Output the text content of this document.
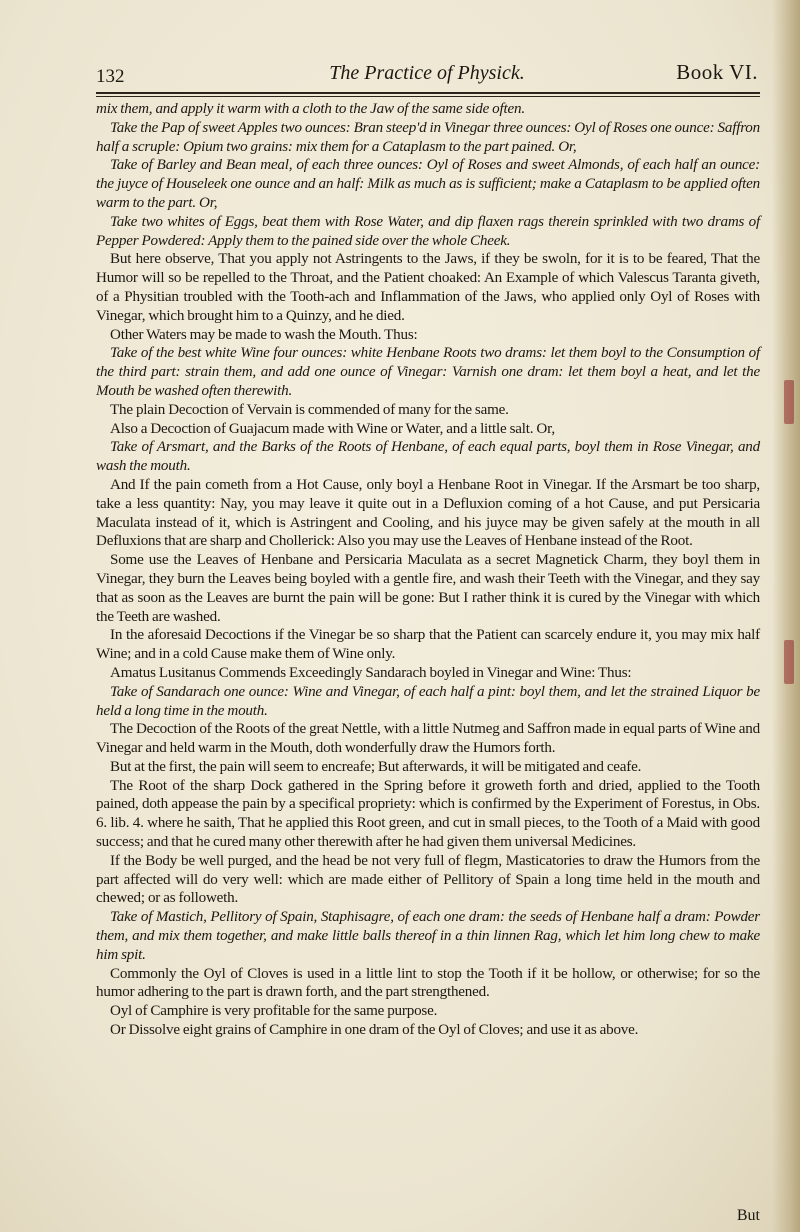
132	The Practice of Physick.	Book VI.

mix them, and apply it warm with a cloth to the Jaw of the same side often.

Take the Pap of sweet Apples two ounces: Bran steep'd in Vinegar three ounces: Oyl of Roses one ounce: Saffron half a scruple: Opium two grains: mix them for a Cataplasm to the part pained. Or,

Take of Barley and Bean meal, of each three ounces: Oyl of Roses and sweet Almonds, of each half an ounce: the juyce of Houseleek one ounce and an half: Milk as much as is sufficient; make a Cataplasm to be applied often warm to the part. Or,

Take two whites of Eggs, beat them with Rose Water, and dip flaxen rags therein sprinkled with two drams of Pepper Powdered: Apply them to the pained side over the whole Cheek.

But here observe, That you apply not Astringents to the Jaws, if they be swoln, for it is to be feared, That the Humor will so be repelled to the Throat, and the Patient choaked: An Example of which Valescus Taranta giveth, of a Physitian troubled with the Tooth-ach and Inflammation of the Jaws, who applied only Oyl of Roses with Vinegar, which brought him to a Quinzy, and he died.

Other Waters may be made to wash the Mouth. Thus:

Take of the best white Wine four ounces: white Henbane Roots two drams: let them boyl to the Consumption of the third part: strain them, and add one ounce of Vinegar: Varnish one dram: let them boyl a heat, and let the Mouth be washed often therewith.

The plain Decoction of Vervain is commended of many for the same.

Also a Decoction of Guajacum made with Wine or Water, and a little salt. Or,

Take of Arsmart, and the Barks of the Roots of Henbane, of each equal parts, boyl them in Rose Vinegar, and wash the mouth.

And If the pain cometh from a Hot Cause, only boyl a Henbane Root in Vinegar. If the Arsmart be too sharp, take a less quantity: Nay, you may leave it quite out in a Defluxion coming of a hot Cause, and put Persicaria Maculata instead of it, which is Astringent and Cooling, and his juyce may be given safely at the mouth in all Defluxions that are sharp and Chollerick: Also you may use the Leaves of Henbane instead of the Root.

Some use the Leaves of Henbane and Persicaria Maculata as a secret Magnetick Charm, they boyl them in Vinegar, they burn the Leaves being boyled with a gentle fire, and wash their Teeth with the Vinegar, and they say that as soon as the Leaves are burnt the pain will be gone: But I rather think it is cured by the Vinegar with which the Teeth are washed.

In the aforesaid Decoctions if the Vinegar be so sharp that the Patient can scarcely endure it, you may mix half Wine; and in a cold Cause make them of Wine only.

Amatus Lusitanus Commends Exceedingly Sandarach boyled in Vinegar and Wine: Thus:

Take of Sandarach one ounce: Wine and Vinegar, of each half a pint: boyl them, and let the strained Liquor be held a long time in the mouth.

The Decoction of the Roots of the great Nettle, with a little Nutmeg and Saffron made in equal parts of Wine and Vinegar and held warm in the Mouth, doth wonderfully draw the Humors forth.

But at the first, the pain will seem to encreafe; But afterwards, it will be mitigated and ceafe.

The Root of the sharp Dock gathered in the Spring before it groweth forth and dried, applied to the Tooth pained, doth appease the pain by a specifical propriety: which is confirmed by the Experiment of Forestus, in Obs. 6. lib. 4. where he saith, That he applied this Root green, and cut in small pieces, to the Tooth of a Maid with good success; and that he cured many other therewith after he had given them universal Medicines.

If the Body be well purged, and the head be not very full of flegm, Masticatories to draw the Humors from the part affected will do very well: which are made either of Pellitory of Spain a long time held in the mouth and chewed; or as followeth.

Take of Mastich, Pellitory of Spain, Staphisagre, of each one dram: the seeds of Henbane half a dram: Powder them, and mix them together, and make little balls thereof in a thin linnen Rag, which let him long chew to make him spit.

Commonly the Oyl of Cloves is used in a little lint to stop the Tooth if it be hollow, or otherwise; for so the humor adhering to the part is drawn forth, and the part strengthened.

Oyl of Camphire is very profitable for the same purpose.

Or Dissolve eight grains of Camphire in one dram of the Oyl of Cloves; and use it as above.

But
